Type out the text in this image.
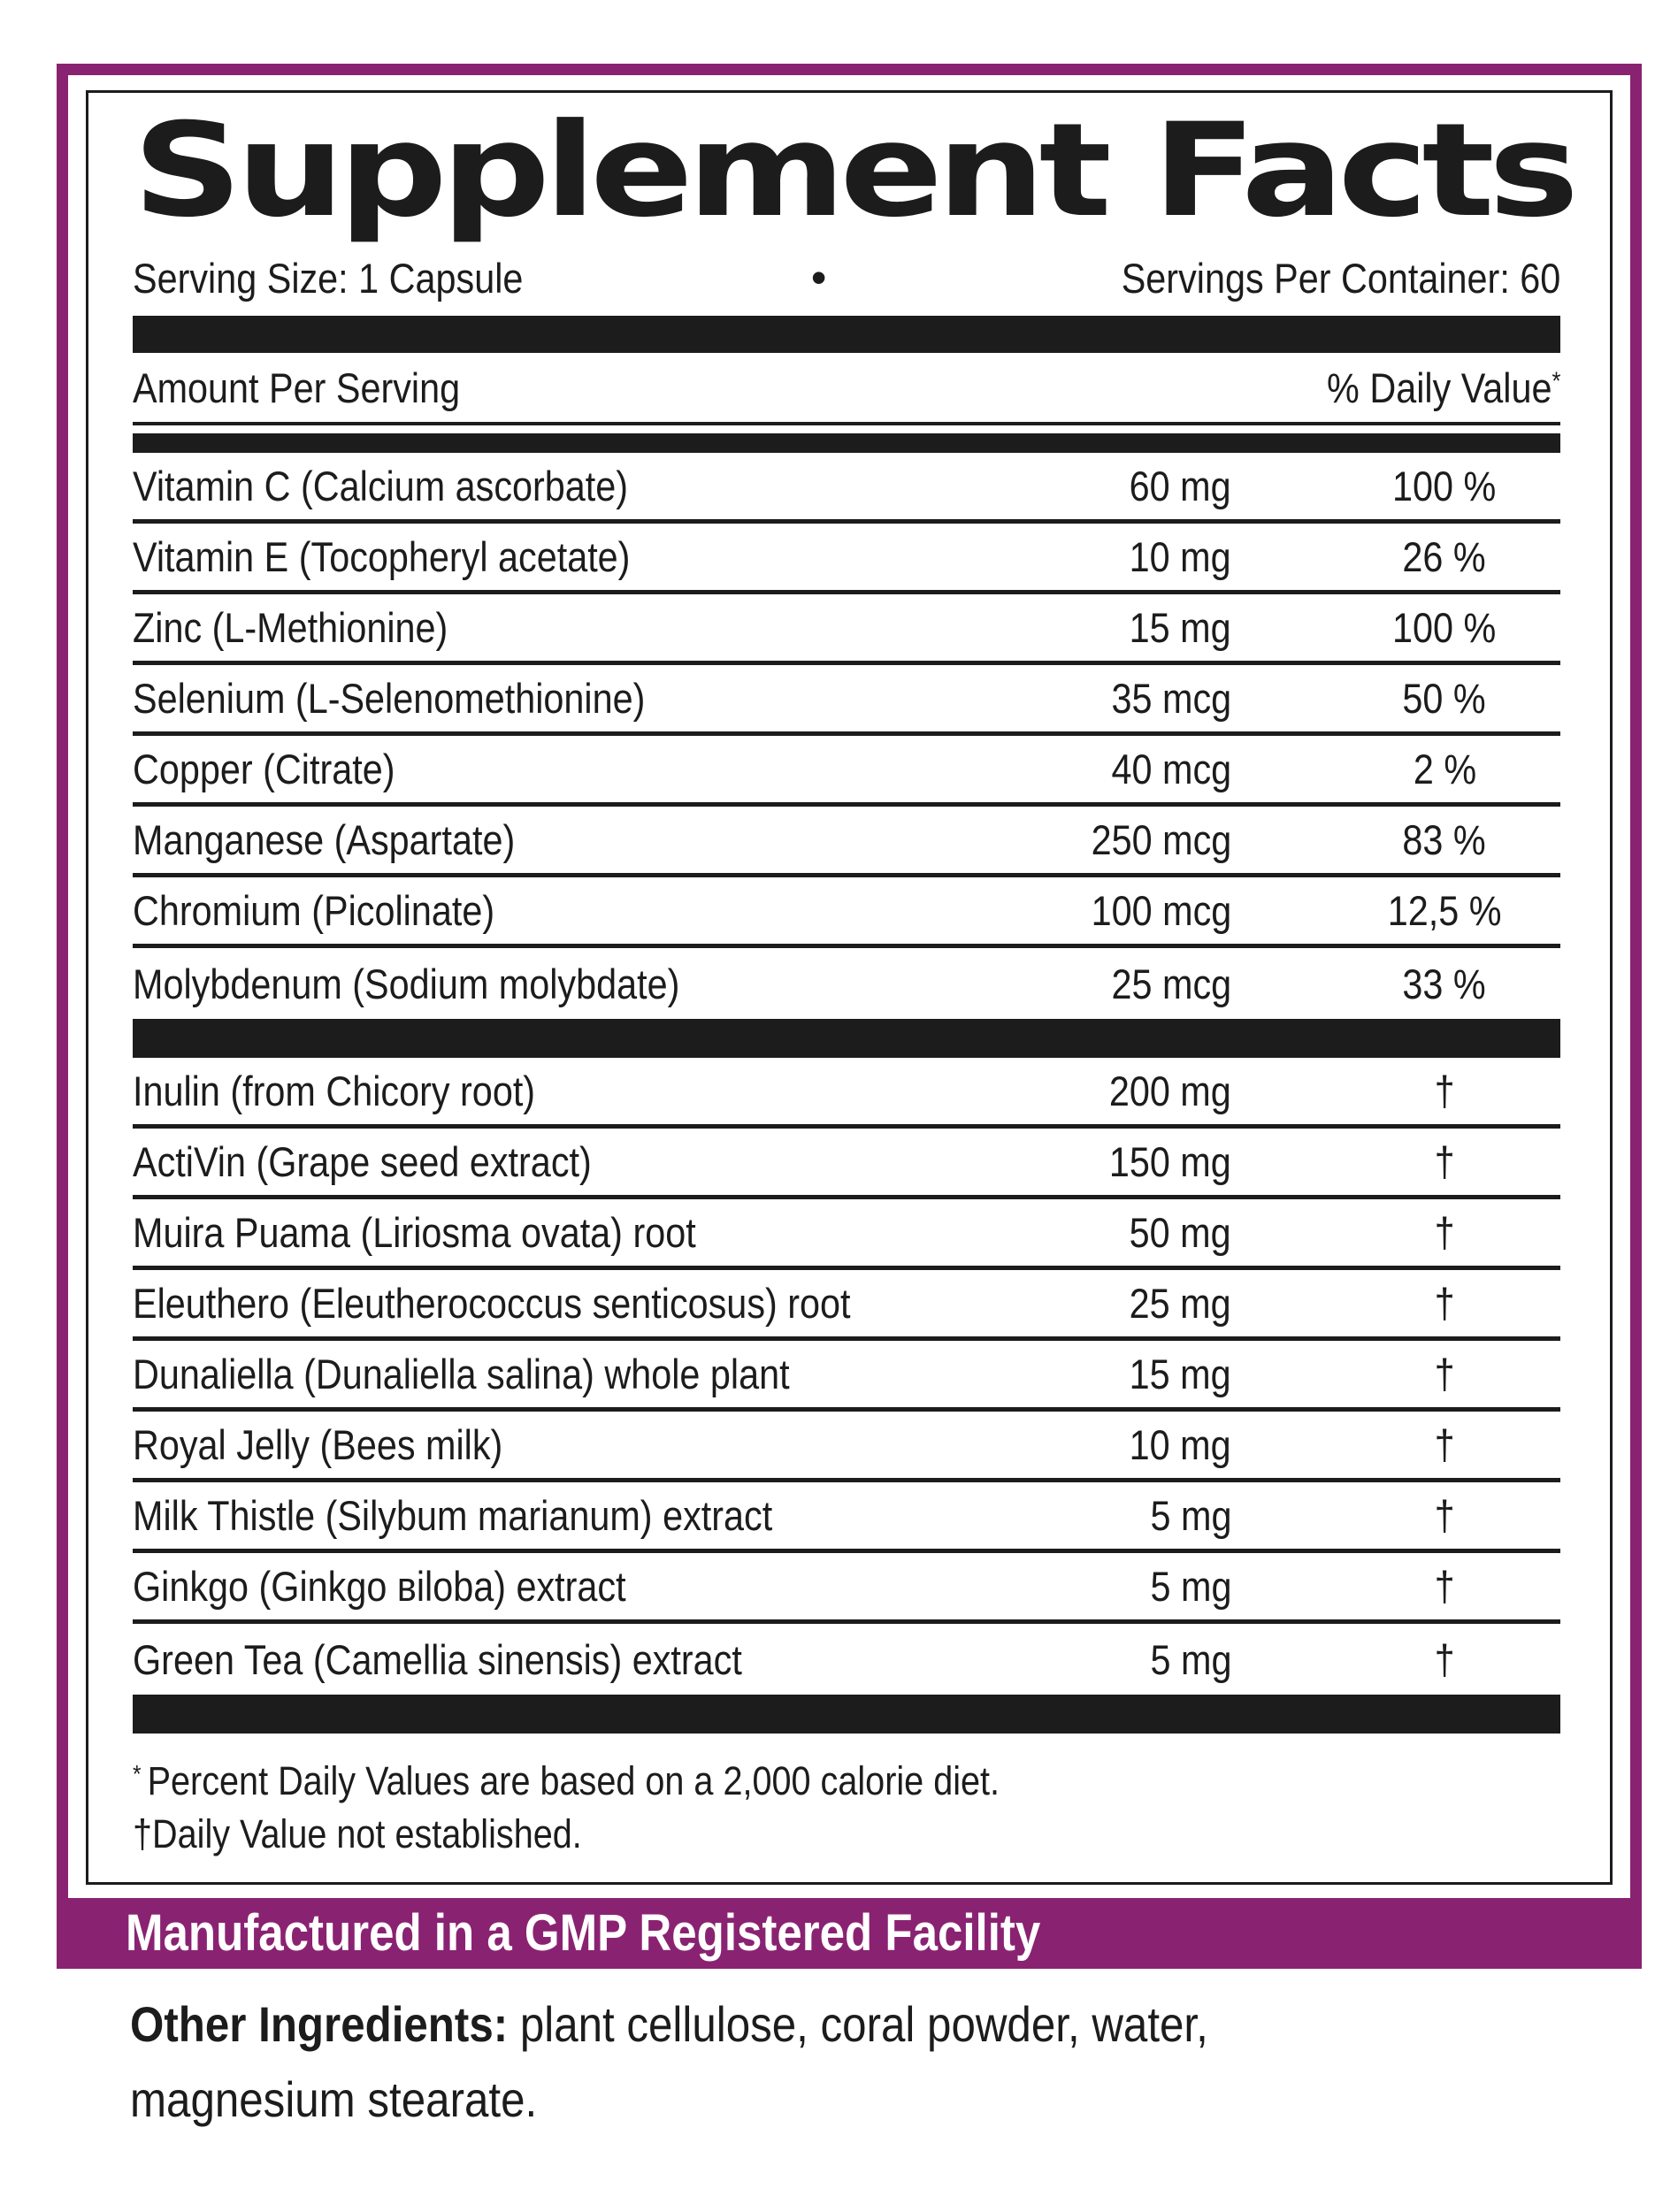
Supplement Facts
Serving Size: 1 Capsule	•	Servings Per Container: 60
Amount Per Serving	% Daily Value*
Vitamin C (Calcium ascorbate)	60 mg	100 %
Vitamin E (Tocopheryl acetate)	10 mg	26 %
Zinc (L-Methionine)	15 mg	100 %
Selenium (L-Selenomethionine)	35 mcg	50 %
Copper (Citrate)	40 mcg	2 %
Manganese (Aspartate)	250 mcg	83 %
Chromium (Picolinate)	100 mcg	12,5 %
Molybdenum (Sodium molybdate)	25 mcg	33 %
Inulin (from Chicory root)	200 mg	†
ActiVin (Grape seed extract)	150 mg	†
Muira Puama (Liriosma ovata) root	50 mg	†
Eleuthero (Eleutherococcus senticosus) root	25 mg	†
Dunaliella (Dunaliella salina) whole plant	15 mg	†
Royal Jelly (Bees milk)	10 mg	†
Milk Thistle (Silybum marianum) extract	5 mg	†
Ginkgo (Ginkgo вiloba) extract	5 mg	†
Green Tea (Camellia sinensis) extract	5 mg	†
* Percent Daily Values are based on a 2,000 calorie diet.
†Daily Value not established.
Manufactured in a GMP Registered Facility
Other Ingredients: plant cellulose, coral powder, water, magnesium stearate.
